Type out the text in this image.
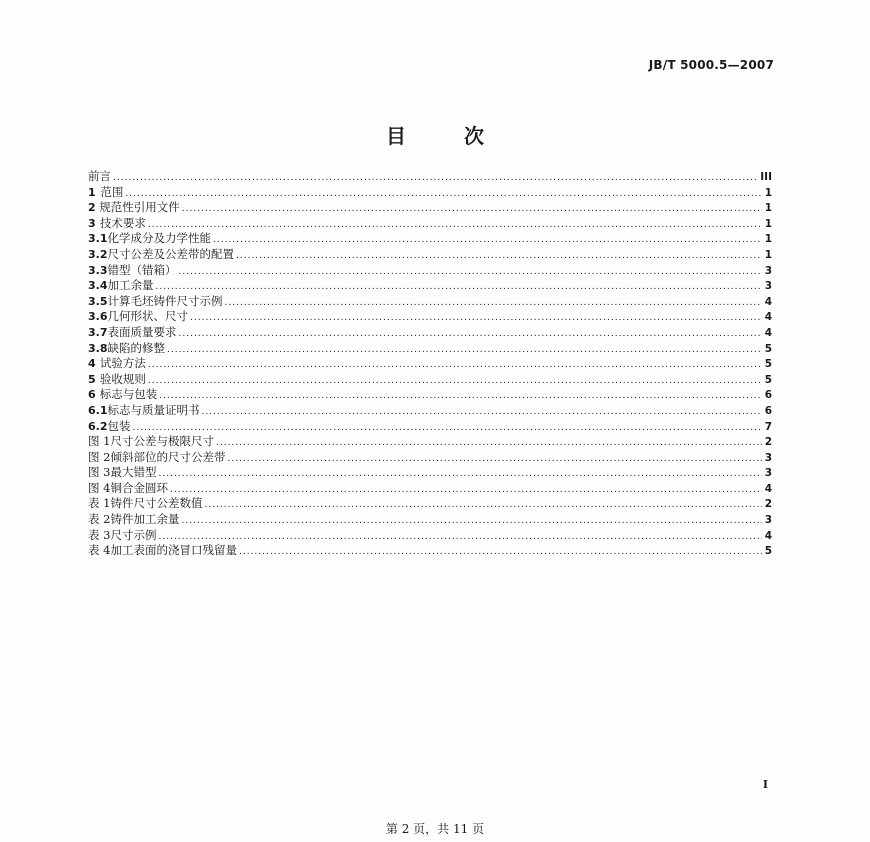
JB/T 5000.5—2007
目	次
前言 .....	III
1 范围 .....	1
2 规范性引用文件 .....	1
3 技术要求 .....	1
3.1 化学成分及力学性能 .....	1
3.2 尺寸公差及公差带的配置 .....	1
3.3 错型（错箱） .....	3
3.4 加工余量 .....	3
3.5 计算毛坯铸件尺寸示例 .....	4
3.6 几何形状、尺寸 .....	4
3.7 表面质量要求 .....	4
3.8 缺陷的修整 .....	5
4 试验方法 .....	5
5 验收规则 .....	5
6 标志与包装 .....	6
6.1 标志与质量证明书 .....	6
6.2 包装 .....	7
图 1 尺寸公差与极限尺寸 .....	2
图 2 倾斜部位的尺寸公差带 .....	3
图 3 最大错型 .....	3
图 4 铜合金圆环 .....	4
表 1 铸件尺寸公差数值 .....	2
表 2 铸件加工余量 .....	3
表 3 尺寸示例 .....	4
表 4 加工表面的浇冒口残留量 .....	5
I
第 2 页，共 11 页
